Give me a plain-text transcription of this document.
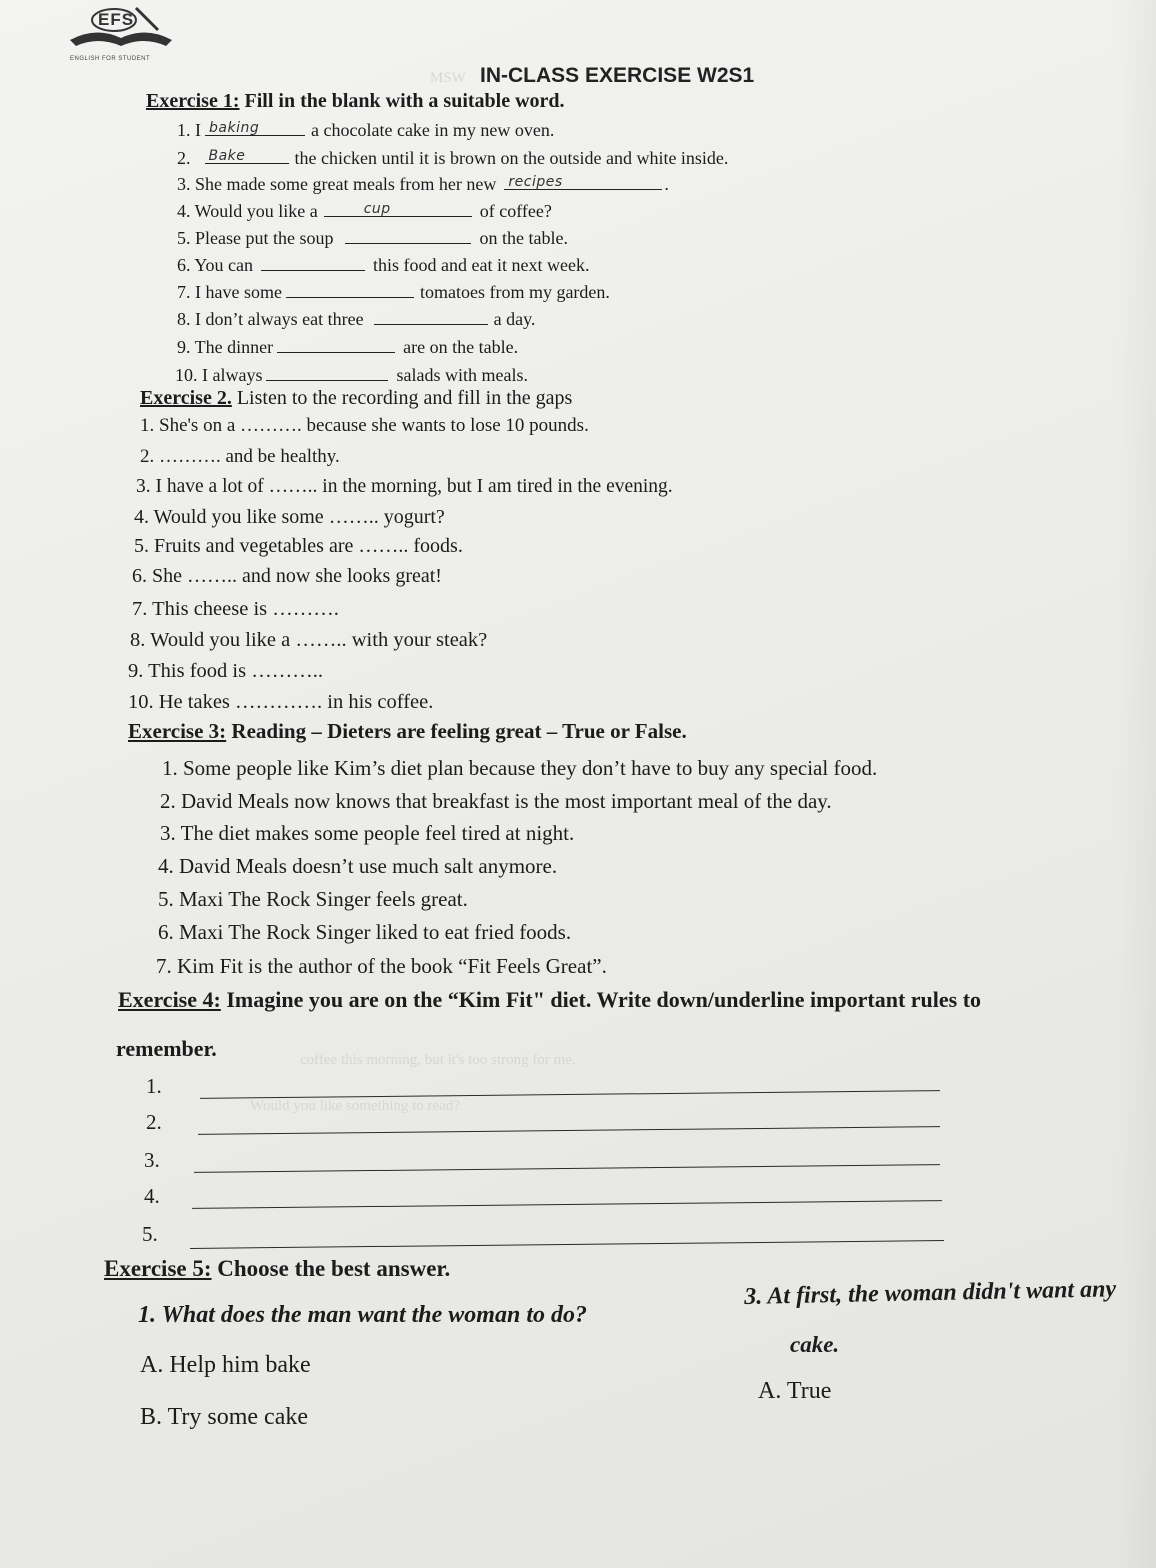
MSW
coffee this morning, but it's too strong for me.
Would you like something to read?
EFS
ENGLISH FOR STUDENT
IN-CLASS EXERCISE W2S1
Exercise 1: Fill in the blank with a suitable word.
1. I baking	a chocolate cake in my new oven.
2. Bake	the chicken until it is brown on the outside and white inside.
3. She made some great meals from her new recipes	.
4. Would you like a	cup	of coffee?
5. Please put the soup	on the table.
6. You can	this food and eat it next week.
7. I have some	tomatoes from my garden.
8. I don’t always eat three	a day.
9. The dinner	are on the table.
10. I always	salads with meals.
Exercise 2. Listen to the recording and fill in the gaps
1. She's on a ………. because she wants to lose 10 pounds.
2. ………. and be healthy.
3. I have a lot of …….. in the morning, but I am tired in the evening.
4. Would you like some …….. yogurt?
5. Fruits and vegetables are …….. foods.
6. She …….. and now she looks great!
7. This cheese is ……….
8. Would you like a …….. with your steak?
9. This food is ………..
10. He takes …………. in his coffee.
Exercise 3: Reading – Dieters are feeling great – True or False.
1. Some people like Kim’s diet plan because they don’t have to buy any special food.
2. David Meals now knows that breakfast is the most important meal of the day.
3. The diet makes some people feel tired at night.
4. David Meals doesn’t use much salt anymore.
5. Maxi The Rock Singer feels great.
6. Maxi The Rock Singer liked to eat fried foods.
7. Kim Fit is the author of the book “Fit Feels Great”.
Exercise 4: Imagine you are on the “Kim Fit" diet. Write down/underline important rules to
remember.
1.
2.
3.
4.
5.
Exercise 5: Choose the best answer.
1. What does the man want the woman to do?
A. Help him bake
B. Try some cake
3. At first, the woman didn't want any
cake.
A. True
